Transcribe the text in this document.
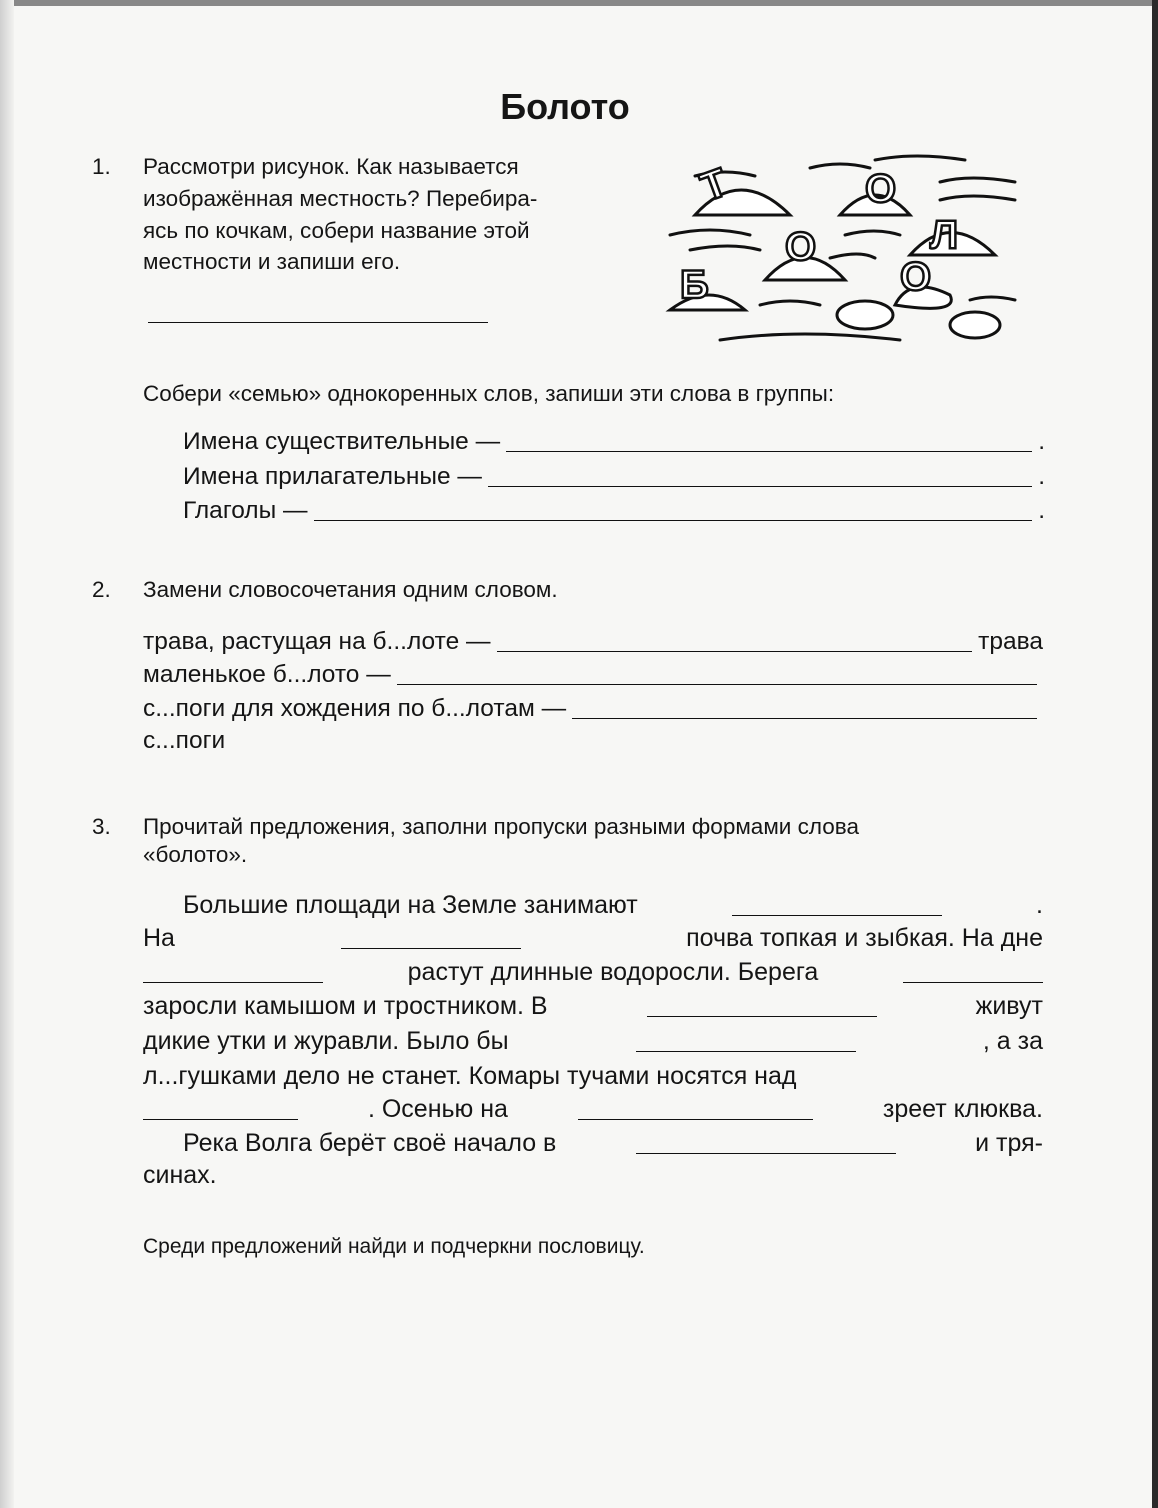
Болото
1. Рассмотри рисунок. Как называется
изображённая местность? Перебира-
ясь по кочкам, собери название этой
местности и запиши его.
Т	О
Б
О	Л
О
Собери «семью» однокоренных слов, запиши эти слова в группы:
Имена существительные —	.
Имена прилагательные —	.
Глаголы —	.
2. Замени словосочетания одним словом.
трава, растущая на б...лоте —	трава
маленькое б...лото —
с...поги для хождения по б...лотам —
с...поги
3. Прочитай предложения, заполни пропуски разными формами слова
«болото».
Большие площади на Земле занимают	.
На	почва топкая и зыбкая. На дне
растут длинные водоросли. Берега
заросли камышом и тростником. В	живут
дикие утки и журавли. Было бы	, а за
л...гушками дело не станет. Комары тучами носятся над
. Осенью на	зреет клюква.
Река Волга берёт своё начало в	и тря-
синах.
Среди предложений найди и подчеркни пословицу.
